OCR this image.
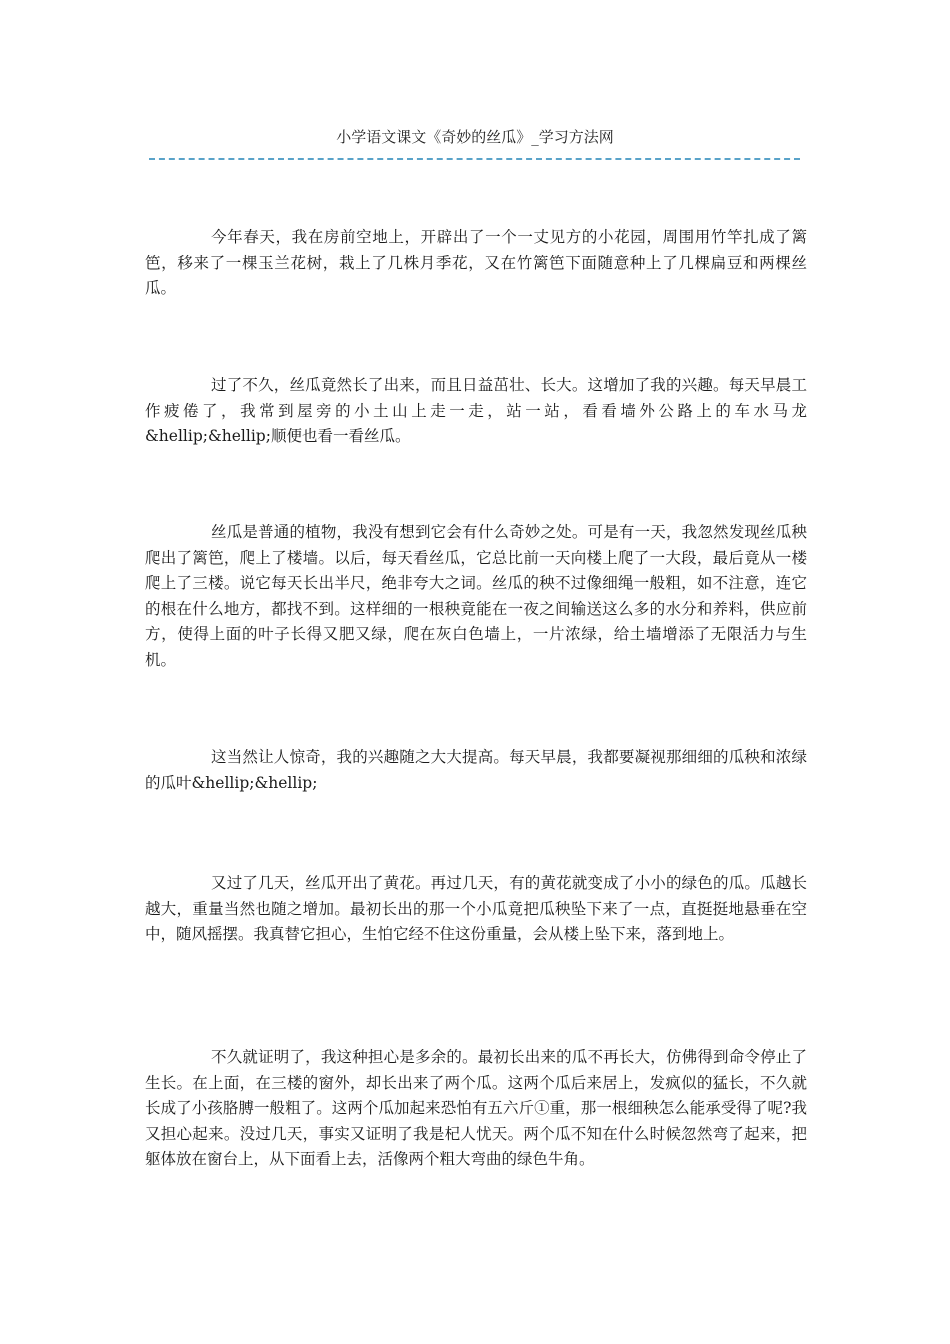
小学语文课文《奇妙的丝瓜》_学习方法网

今年春天，我在房前空地上，开辟出了一个一丈见方的小花园，周围用竹竿扎成了篱笆，移来了一棵玉兰花树，栽上了几株月季花，又在竹篱笆下面随意种上了几棵扁豆和两棵丝瓜。

过了不久，丝瓜竟然长了出来，而且日益茁壮、长大。这增加了我的兴趣。每天早晨工作疲倦了，我常到屋旁的小土山上走一走，站一站，看看墙外公路上的车水马龙&hellip;&hellip;顺便也看一看丝瓜。

丝瓜是普通的植物，我没有想到它会有什么奇妙之处。可是有一天，我忽然发现丝瓜秧爬出了篱笆，爬上了楼墙。以后，每天看丝瓜，它总比前一天向楼上爬了一大段，最后竟从一楼爬上了三楼。说它每天长出半尺，绝非夸大之词。丝瓜的秧不过像细绳一般粗，如不注意，连它的根在什么地方，都找不到。这样细的一根秧竟能在一夜之间输送这么多的水分和养料，供应前方，使得上面的叶子长得又肥又绿，爬在灰白色墙上，一片浓绿，给土墙增添了无限活力与生机。

这当然让人惊奇，我的兴趣随之大大提高。每天早晨，我都要凝视那细细的瓜秧和浓绿的瓜叶&hellip;&hellip;

又过了几天，丝瓜开出了黄花。再过几天，有的黄花就变成了小小的绿色的瓜。瓜越长越大，重量当然也随之增加。最初长出的那一个小瓜竟把瓜秧坠下来了一点，直挺挺地悬垂在空中，随风摇摆。我真替它担心，生怕它经不住这份重量，会从楼上坠下来，落到地上。

不久就证明了，我这种担心是多余的。最初长出来的瓜不再长大，仿佛得到命令停止了生长。在上面，在三楼的窗外，却长出来了两个瓜。这两个瓜后来居上，发疯似的猛长，不久就长成了小孩胳膊一般粗了。这两个瓜加起来恐怕有五六斤①重，那一根细秧怎么能承受得了呢?我又担心起来。没过几天，事实又证明了我是杞人忧天。两个瓜不知在什么时候忽然弯了起来，把躯体放在窗台上，从下面看上去，活像两个粗大弯曲的绿色牛角。
